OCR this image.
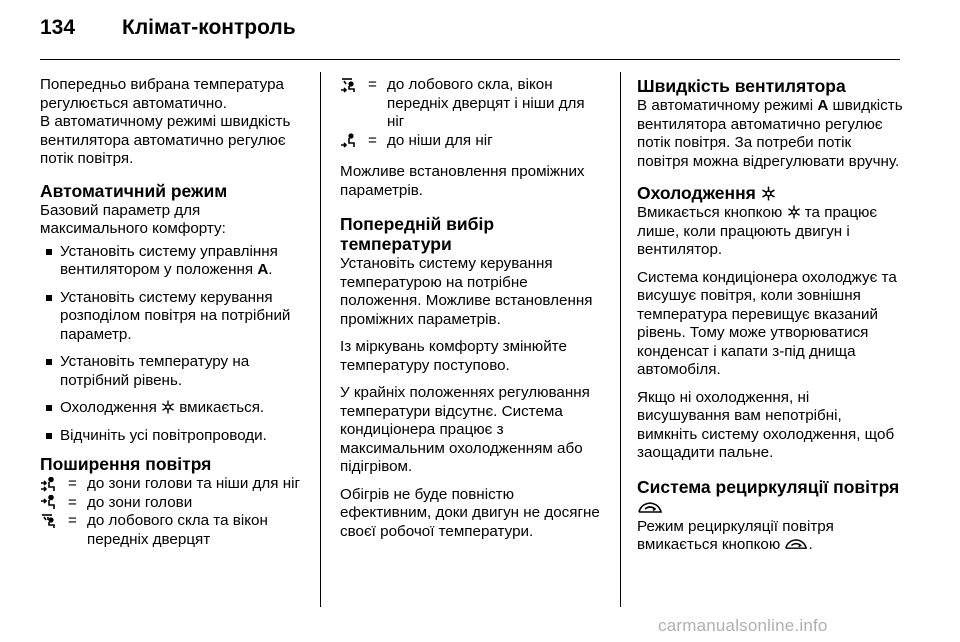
134	Клімат-контроль

Попередньо вибрана температура регулюється автоматично.
В автоматичному режимі швидкість вентилятора автоматично регулює потік повітря.

Автоматичний режим

Базовий параметр для максимального комфорту:

Установіть систему управління вентилятором у положення A.
Установіть систему керування розподілом повітря на потрібний параметр.
Установіть температуру на потрібний рівень.
Охолодження  вмикається.
Відчиніть усі повітропроводи.
Поширення повітря
= до зони голови та ніши для ніг
= до зони голови
= до лобового скла та вікон передніх дверцят
= до лобового скла, вікон передніх дверцят і ніши для ніг
= до ніши для ніг

Можливе встановлення проміжних параметрів.

Попередній вибір температури

Установіть систему керування температурою на потрібне положення. Можливе встановлення проміжних параметрів.

Із міркувань комфорту змінюйте температуру поступово.

У крайніх положеннях регулювання температури відсутнє. Система кондиціонера працює з максимальним охолодженням або підігрівом.

Обігрів не буде повністю ефективним, доки двигун не досягне своєї робочої температури.

Швидкість вентилятора

В автоматичному режимі A швидкість вентилятора автоматично регулює потік повітря. За потреби потік повітря можна відрегулювати вручну.

Охолодження

Вмикається кнопкою  та працює лише, коли працюють двигун і вентилятор.

Система кондиціонера охолоджує та висушує повітря, коли зовнішня температура перевищує вказаний рівень. Тому може утворюватися конденсат і капати з-під днища автомобіля.

Якщо ні охолодження, ні висушування вам непотрібні, вимкніть систему охолодження, щоб заощадити пальне.

Система рециркуляції повітря

Режим рециркуляції повітря вмикається кнопкою .

carmanualsonline.info
